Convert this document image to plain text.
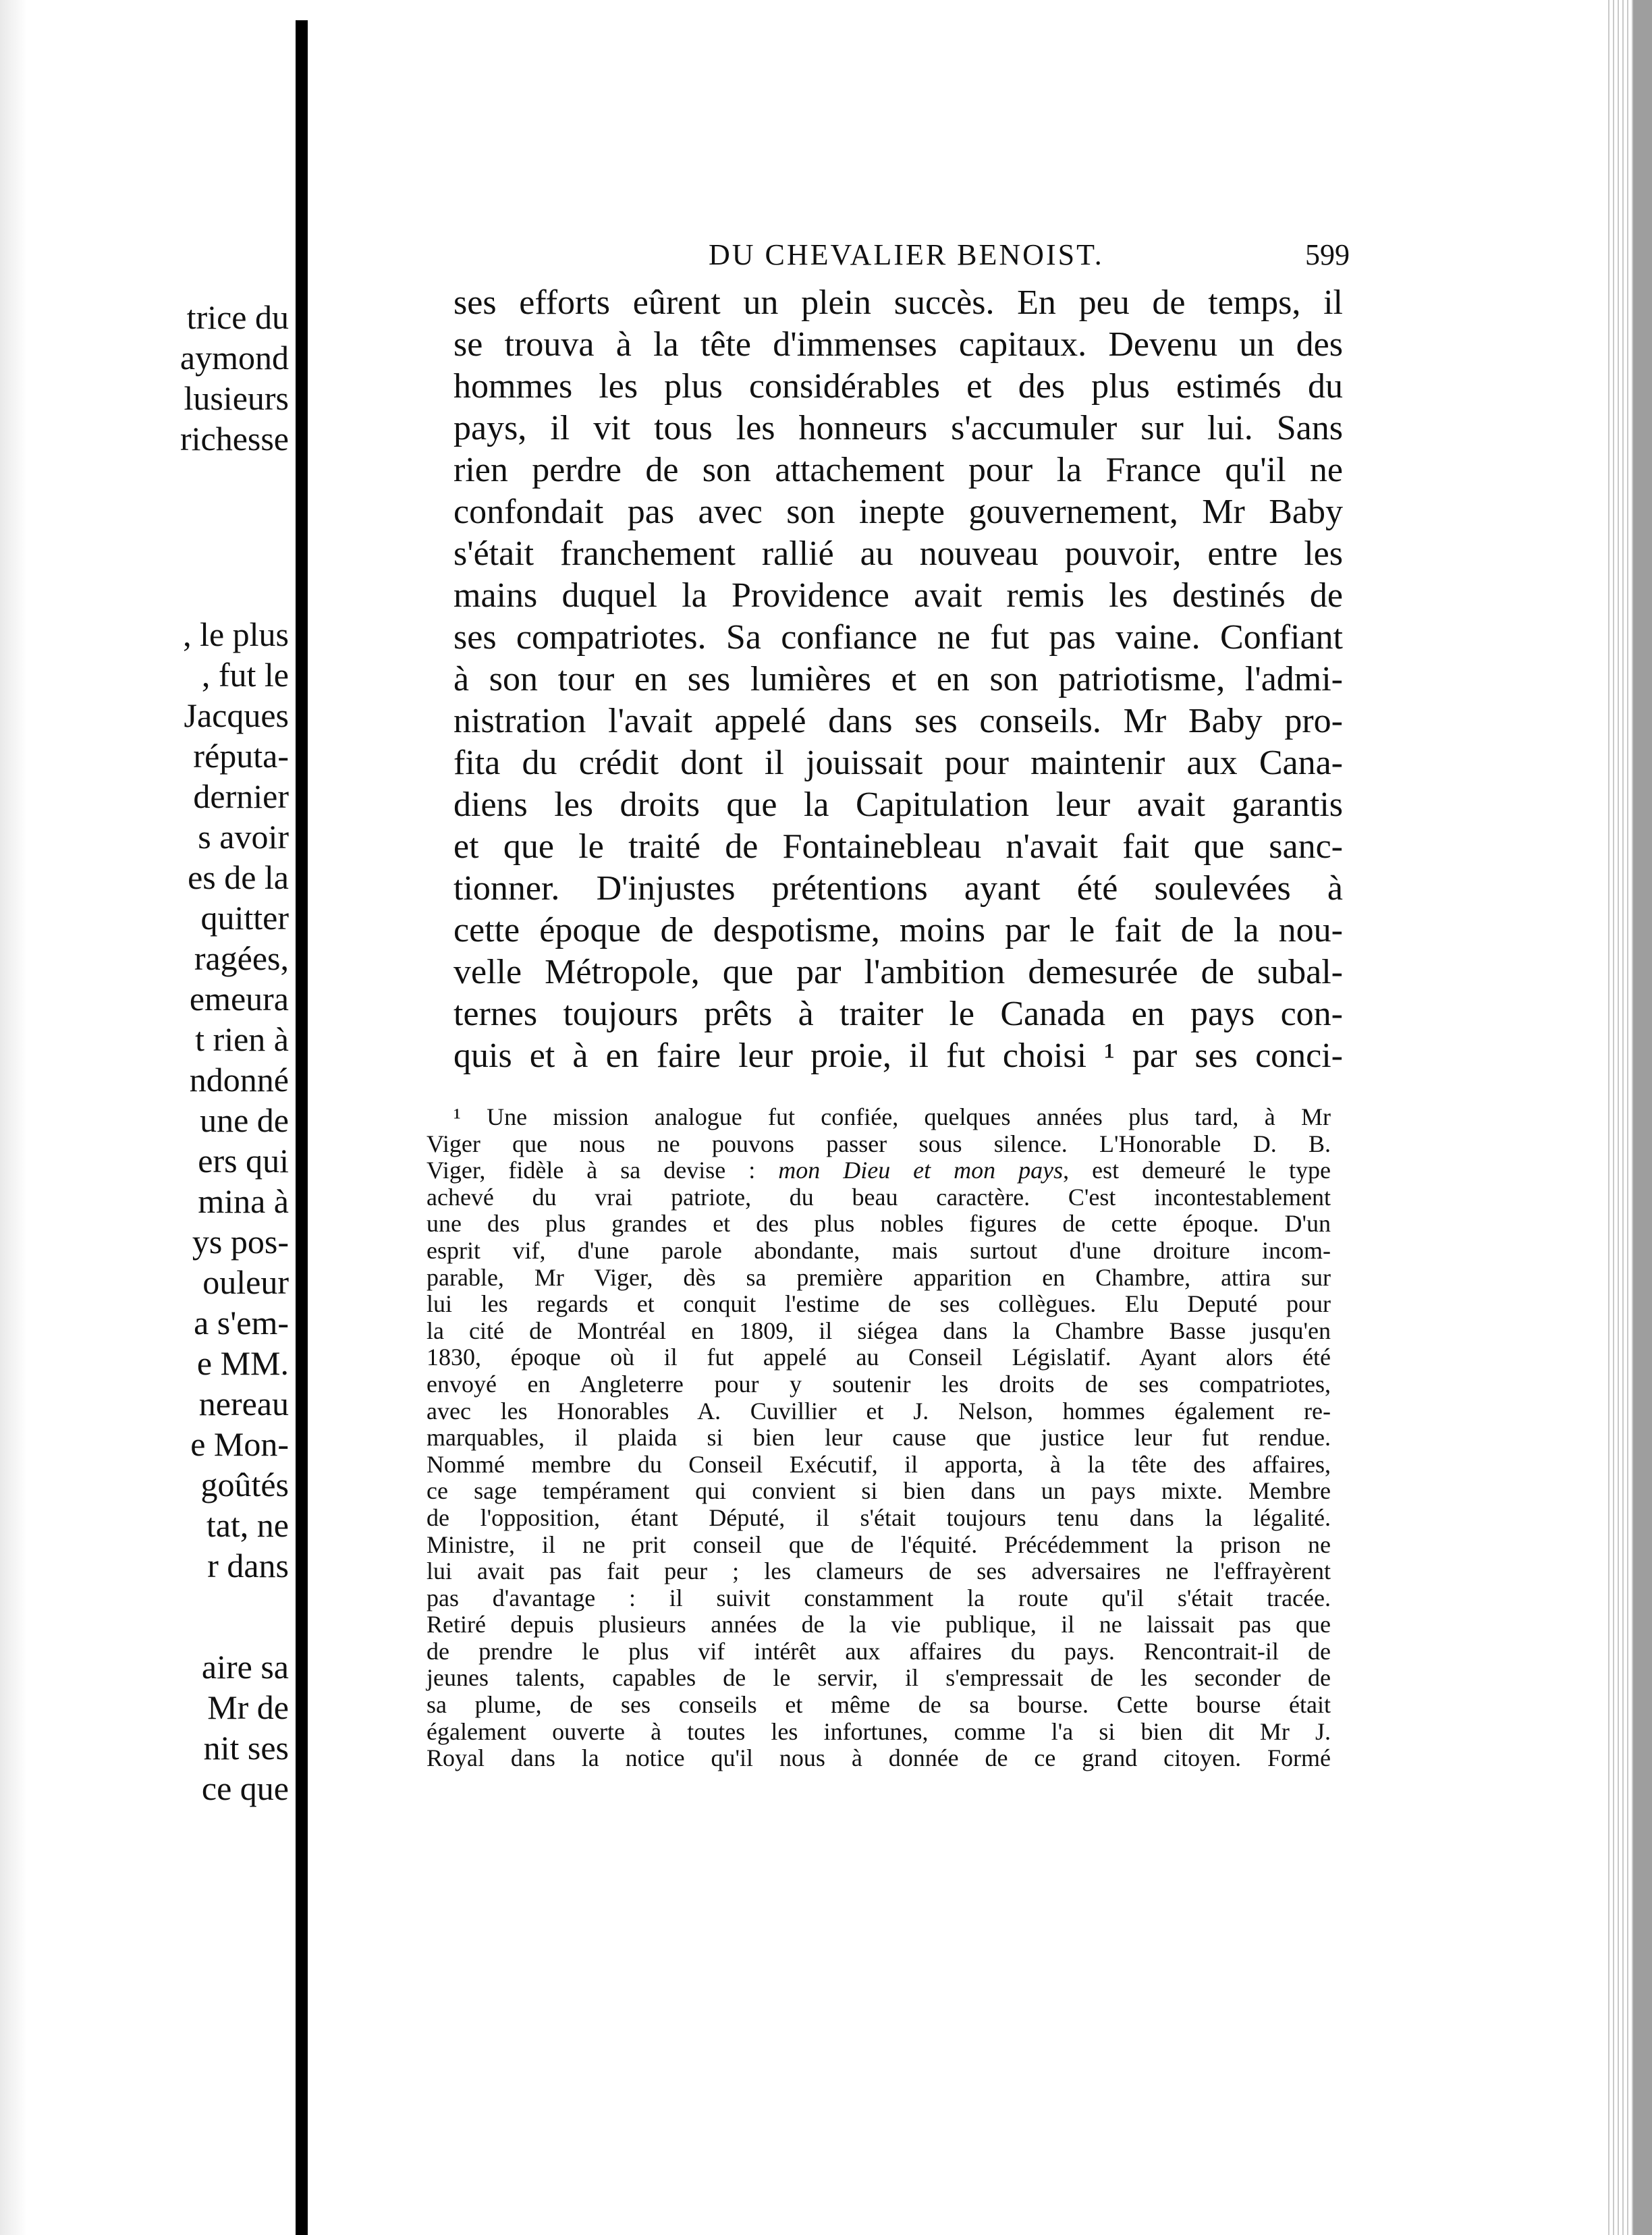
trice du
aymond
lusieurs
richesse
, le plus
, fut le
Jacques
réputa-
dernier
s avoir
es de la
quitter
ragées,
emeura
t rien à
ndonné
une de
ers qui
mina à
ys pos-
ouleur
a s'em-
e MM.
nereau
e Mon-
goûtés
tat, ne
r dans
aire sa
Mr de
nit ses
ce que
DU CHEVALIER BENOIST.	599
ses efforts eûrent un plein succès. En peu de temps, il
se trouva à la tête d'immenses capitaux. Devenu un des
hommes les plus considérables et des plus estimés du
pays, il vit tous les honneurs s'accumuler sur lui. Sans
rien perdre de son attachement pour la France qu'il ne
confondait pas avec son inepte gouvernement, Mr Baby
s'était franchement rallié au nouveau pouvoir, entre les
mains duquel la Providence avait remis les destinés de
ses compatriotes. Sa confiance ne fut pas vaine. Confiant
à son tour en ses lumières et en son patriotisme, l'admi-
nistration l'avait appelé dans ses conseils. Mr Baby pro-
fita du crédit dont il jouissait pour maintenir aux Cana-
diens les droits que la Capitulation leur avait garantis
et que le traité de Fontainebleau n'avait fait que sanc-
tionner. D'injustes prétentions ayant été soulevées à
cette époque de despotisme, moins par le fait de la nou-
velle Métropole, que par l'ambition demesurée de subal-
ternes toujours prêts à traiter le Canada en pays con-
quis et à en faire leur proie, il fut choisi ¹ par ses conci-
¹ Une mission analogue fut confiée, quelques années plus tard, à Mr
Viger que nous ne pouvons passer sous silence. L'Honorable D. B.
Viger, fidèle à sa devise : mon Dieu et mon pays, est demeuré le type
achevé du vrai patriote, du beau caractère. C'est incontestablement
une des plus grandes et des plus nobles figures de cette époque. D'un
esprit vif, d'une parole abondante, mais surtout d'une droiture incom-
parable, Mr Viger, dès sa première apparition en Chambre, attira sur
lui les regards et conquit l'estime de ses collègues. Elu Deputé pour
la cité de Montréal en 1809, il siégea dans la Chambre Basse jusqu'en
1830, époque où il fut appelé au Conseil Législatif. Ayant alors été
envoyé en Angleterre pour y soutenir les droits de ses compatriotes,
avec les Honorables A. Cuvillier et J. Nelson, hommes également re-
marquables, il plaida si bien leur cause que justice leur fut rendue.
Nommé membre du Conseil Exécutif, il apporta, à la tête des affaires,
ce sage tempérament qui convient si bien dans un pays mixte. Membre
de l'opposition, étant Député, il s'était toujours tenu dans la légalité.
Ministre, il ne prit conseil que de l'équité. Précédemment la prison ne
lui avait pas fait peur ; les clameurs de ses adversaires ne l'effrayèrent
pas d'avantage : il suivit constamment la route qu'il s'était tracée.
Retiré depuis plusieurs années de la vie publique, il ne laissait pas que
de prendre le plus vif intérêt aux affaires du pays. Rencontrait-il de
jeunes talents, capables de le servir, il s'empressait de les seconder de
sa plume, de ses conseils et même de sa bourse. Cette bourse était
également ouverte à toutes les infortunes, comme l'a si bien dit Mr J.
Royal dans la notice qu'il nous à donnée de ce grand citoyen. Formé
